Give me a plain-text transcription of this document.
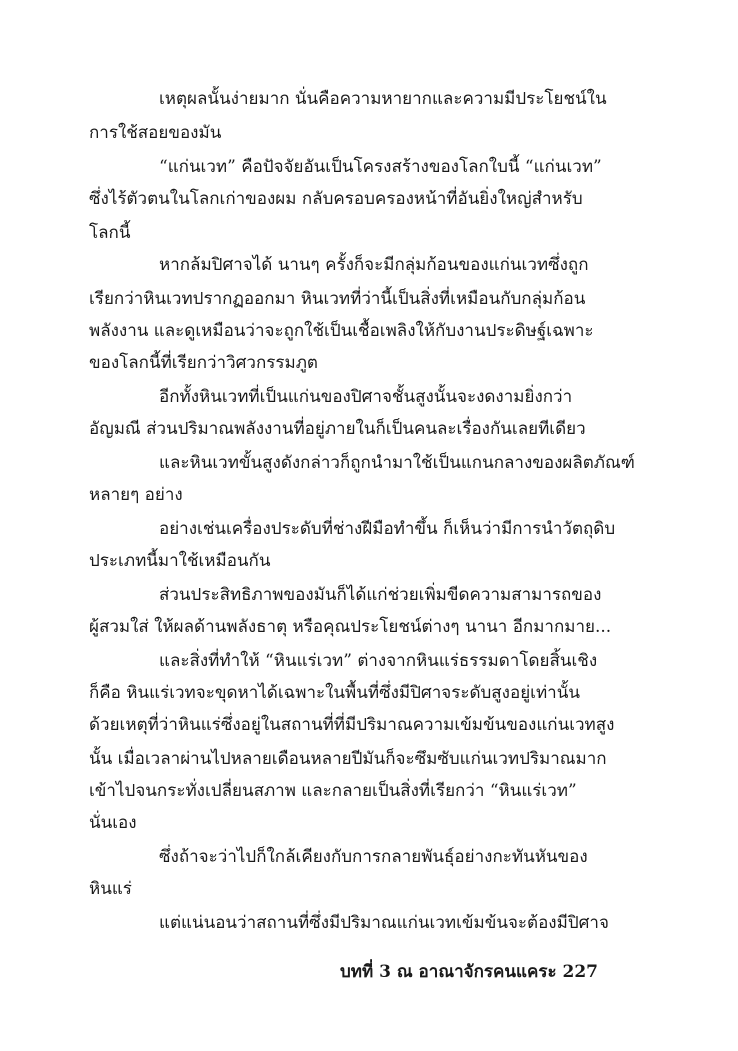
เหตุผลนั้นง่ายมาก นั่นคือความหายากและความมีประโยชน์ใน
การใช้สอยของมัน
“แก่นเวท” คือปัจจัยอันเป็นโครงสร้างของโลกใบนี้ “แก่นเวท”
ซึ่งไร้ตัวตนในโลกเก่าของผม กลับครอบครองหน้าที่อันยิ่งใหญ่สำหรับ
โลกนี้
หากล้มปิศาจได้ นานๆ ครั้งก็จะมีกลุ่มก้อนของแก่นเวทซึ่งถูก
เรียกว่าหินเวทปรากฏออกมา หินเวทที่ว่านี้เป็นสิ่งที่เหมือนกับกลุ่มก้อน
พลังงาน และดูเหมือนว่าจะถูกใช้เป็นเชื้อเพลิงให้กับงานประดิษฐ์เฉพาะ
ของโลกนี้ที่เรียกว่าวิศวกรรมภูต
อีกทั้งหินเวทที่เป็นแก่นของปิศาจชั้นสูงนั้นจะงดงามยิ่งกว่า
อัญมณี ส่วนปริมาณพลังงานที่อยู่ภายในก็เป็นคนละเรื่องกันเลยทีเดียว
และหินเวทขั้นสูงดังกล่าวก็ถูกนำมาใช้เป็นแกนกลางของผลิตภัณฑ์
หลายๆ อย่าง
อย่างเช่นเครื่องประดับที่ช่างฝีมือทำขึ้น ก็เห็นว่ามีการนำวัตถุดิบ
ประเภทนี้มาใช้เหมือนกัน
ส่วนประสิทธิภาพของมันก็ได้แก่ช่วยเพิ่มขีดความสามารถของ
ผู้สวมใส่ ให้ผลด้านพลังธาตุ หรือคุณประโยชน์ต่างๆ นานา อีกมากมาย...
และสิ่งที่ทำให้ “หินแร่เวท” ต่างจากหินแร่ธรรมดาโดยสิ้นเชิง
ก็คือ หินแร่เวทจะขุดหาได้เฉพาะในพื้นที่ซึ่งมีปิศาจระดับสูงอยู่เท่านั้น
ด้วยเหตุที่ว่าหินแร่ซึ่งอยู่ในสถานที่ที่มีปริมาณความเข้มข้นของแก่นเวทสูง
นั้น เมื่อเวลาผ่านไปหลายเดือนหลายปีมันก็จะซึมซับแก่นเวทปริมาณมาก
เข้าไปจนกระทั่งเปลี่ยนสภาพ และกลายเป็นสิ่งที่เรียกว่า “หินแร่เวท”
นั่นเอง
ซึ่งถ้าจะว่าไปก็ใกล้เคียงกับการกลายพันธุ์อย่างกะทันหันของ
หินแร่
แต่แน่นอนว่าสถานที่ซึ่งมีปริมาณแก่นเวทเข้มข้นจะต้องมีปิศาจ
บทที่ 3 ณ อาณาจักรคนแคระ 227
